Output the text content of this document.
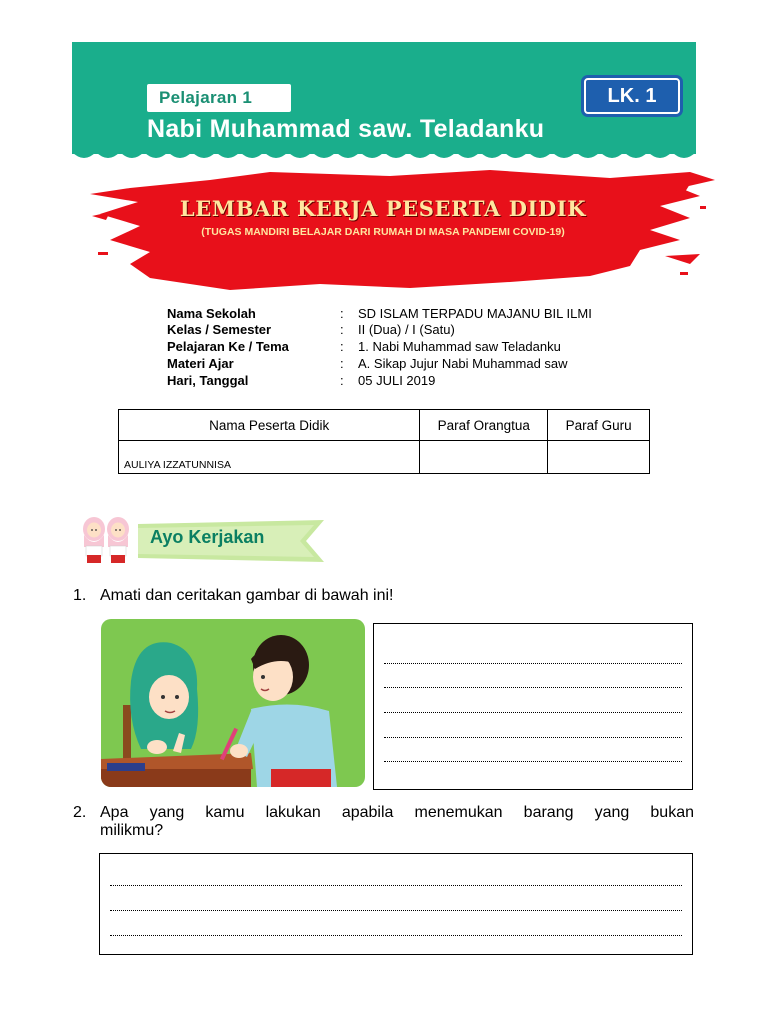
Pelajaran 1
Nabi Muhammad saw. Teladanku
LK. 1
LEMBAR KERJA PESERTA DIDIK
(TUGAS MANDIRI BELAJAR DARI RUMAH DI MASA PANDEMI COVID-19)
Nama Sekolah	: SD ISLAM TERPADU MAJANU BIL ILMI
Kelas / Semester	: II (Dua) / I (Satu)
Pelajaran Ke / Tema	: 1. Nabi Muhammad saw Teladanku
Materi Ajar	: A. Sikap Jujur Nabi Muhammad saw
Hari, Tanggal	: 05 JULI 2019
Nama Peserta Didik	Paraf Orangtua	Paraf Guru
AULIYA IZZATUNNISA		
Ayo Kerjakan
1. Amati dan ceritakan gambar di bawah ini!
2. Apa yang kamu lakukan apabila menemukan barang yang bukan
milikmu?
